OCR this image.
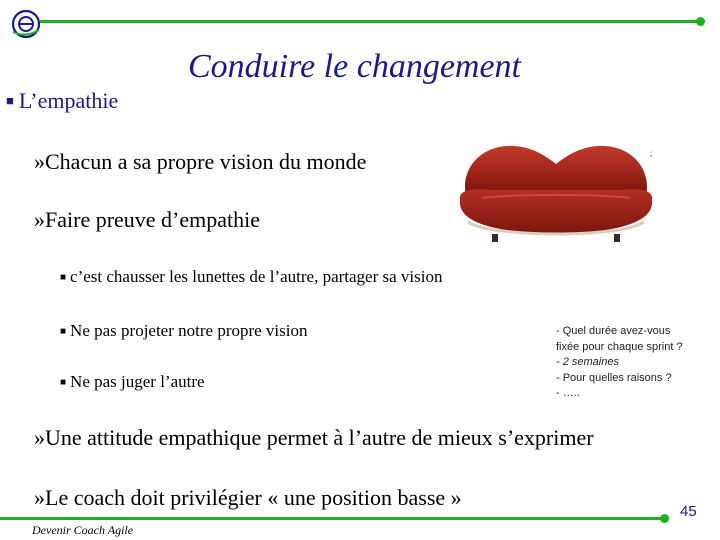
Conduire le changement
■ L’empathie
»Chacun a sa propre vision du monde
»Faire preuve d’empathie
■ c’est chausser les lunettes de l’autre, partager sa vision
■ Ne pas projeter notre propre vision
■ Ne pas juger l’autre
»Une attitude empathique permet à l’autre de mieux s’exprimer
»Le coach doit privilégier « une position basse »
;
- Quel durée avez-vous
fixée pour chaque sprint ?
- 2 semaines
- Pour quelles raisons ?
- …..
Devenir Coach Agile
45
